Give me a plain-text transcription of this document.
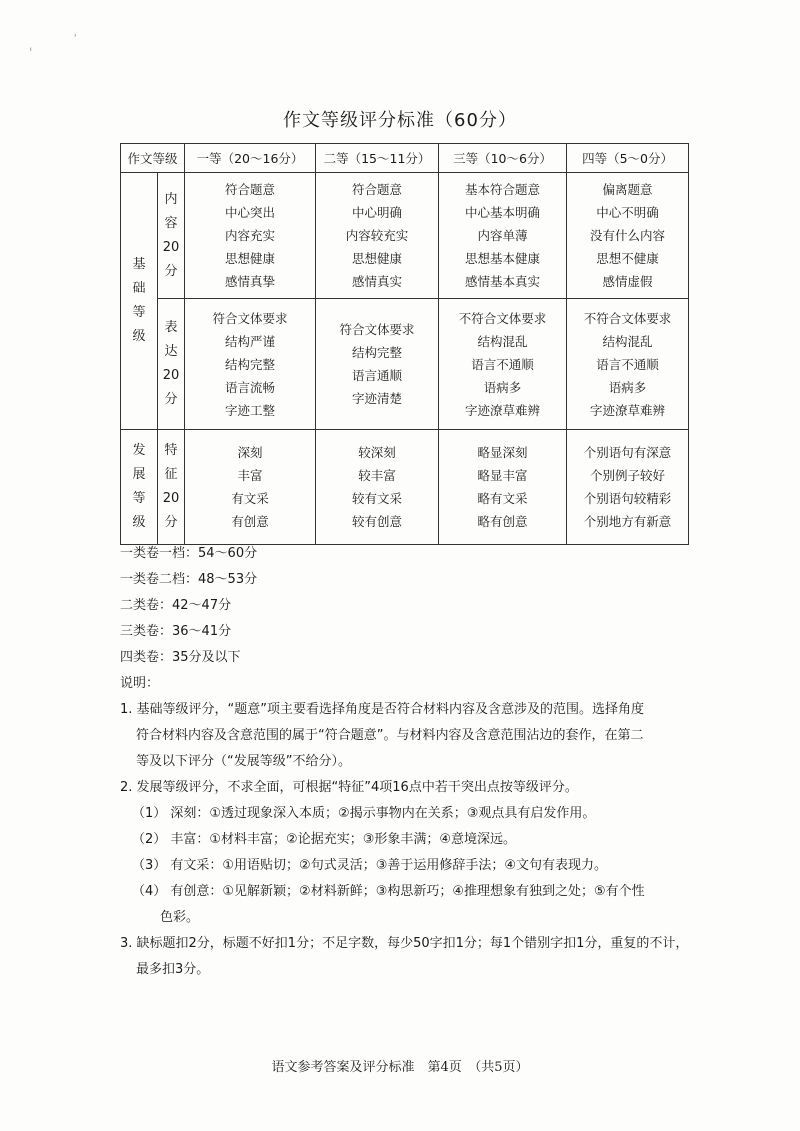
ı
ˀ
作文等级评分标准（60分）
作文等级		一等（20～16分）	二等（15～11分）	三等（10～6分）	四等（5～0分）

基
础
等
级	内
容
20
分	符合题意
中心突出
内容充实
思想健康
感情真挚	符合题意
中心明确
内容较充实
思想健康
感情真实	基本符合题意
中心基本明确
内容单薄
思想基本健康
感情基本真实	偏离题意
中心不明确
没有什么内容
思想不健康
感情虚假

	表
达
20
分	符合文体要求
结构严谨
结构完整
语言流畅
字迹工整	符合文体要求
结构完整
语言通顺
字迹清楚	不符合文体要求
结构混乱
语言不通顺
语病多
字迹潦草难辨	不符合文体要求
结构混乱
语言不通顺
语病多
字迹潦草难辨

发
展
等
级	特
征
20
分	深刻
丰富
有文采
有创意	较深刻
较丰富
较有文采
较有创意	略显深刻
略显丰富
略有文采
略有创意	个别语句有深意
个别例子较好
个别语句较精彩
个别地方有新意
一类卷一档：54～60分
一类卷二档：48～53分
二类卷：42～47分
三类卷：36～41分
四类卷：35分及以下
说明：
1. 基础等级评分，“题意”项主要看选择角度是否符合材料内容及含意涉及的范围。选择角度
符合材料内容及含意范围的属于“符合题意”。与材料内容及含意范围沾边的套作，在第二
等及以下评分（“发展等级”不给分）。
2. 发展等级评分，不求全面，可根据“特征”4项16点中若干突出点按等级评分。
（1） 深刻：①透过现象深入本质；②揭示事物内在关系；③观点具有启发作用。
（2） 丰富：①材料丰富；②论据充实；③形象丰满；④意境深远。
（3） 有文采：①用语贴切；②句式灵活；③善于运用修辞手法；④文句有表现力。
（4） 有创意：①见解新颖；②材料新鲜；③构思新巧；④推理想象有独到之处；⑤有个性
色彩。
3. 缺标题扣2分，标题不好扣1分；不足字数，每少50字扣1分；每1个错别字扣1分，重复的不计，
最多扣3分。
语文参考答案及评分标准　第4页　（共5页）
